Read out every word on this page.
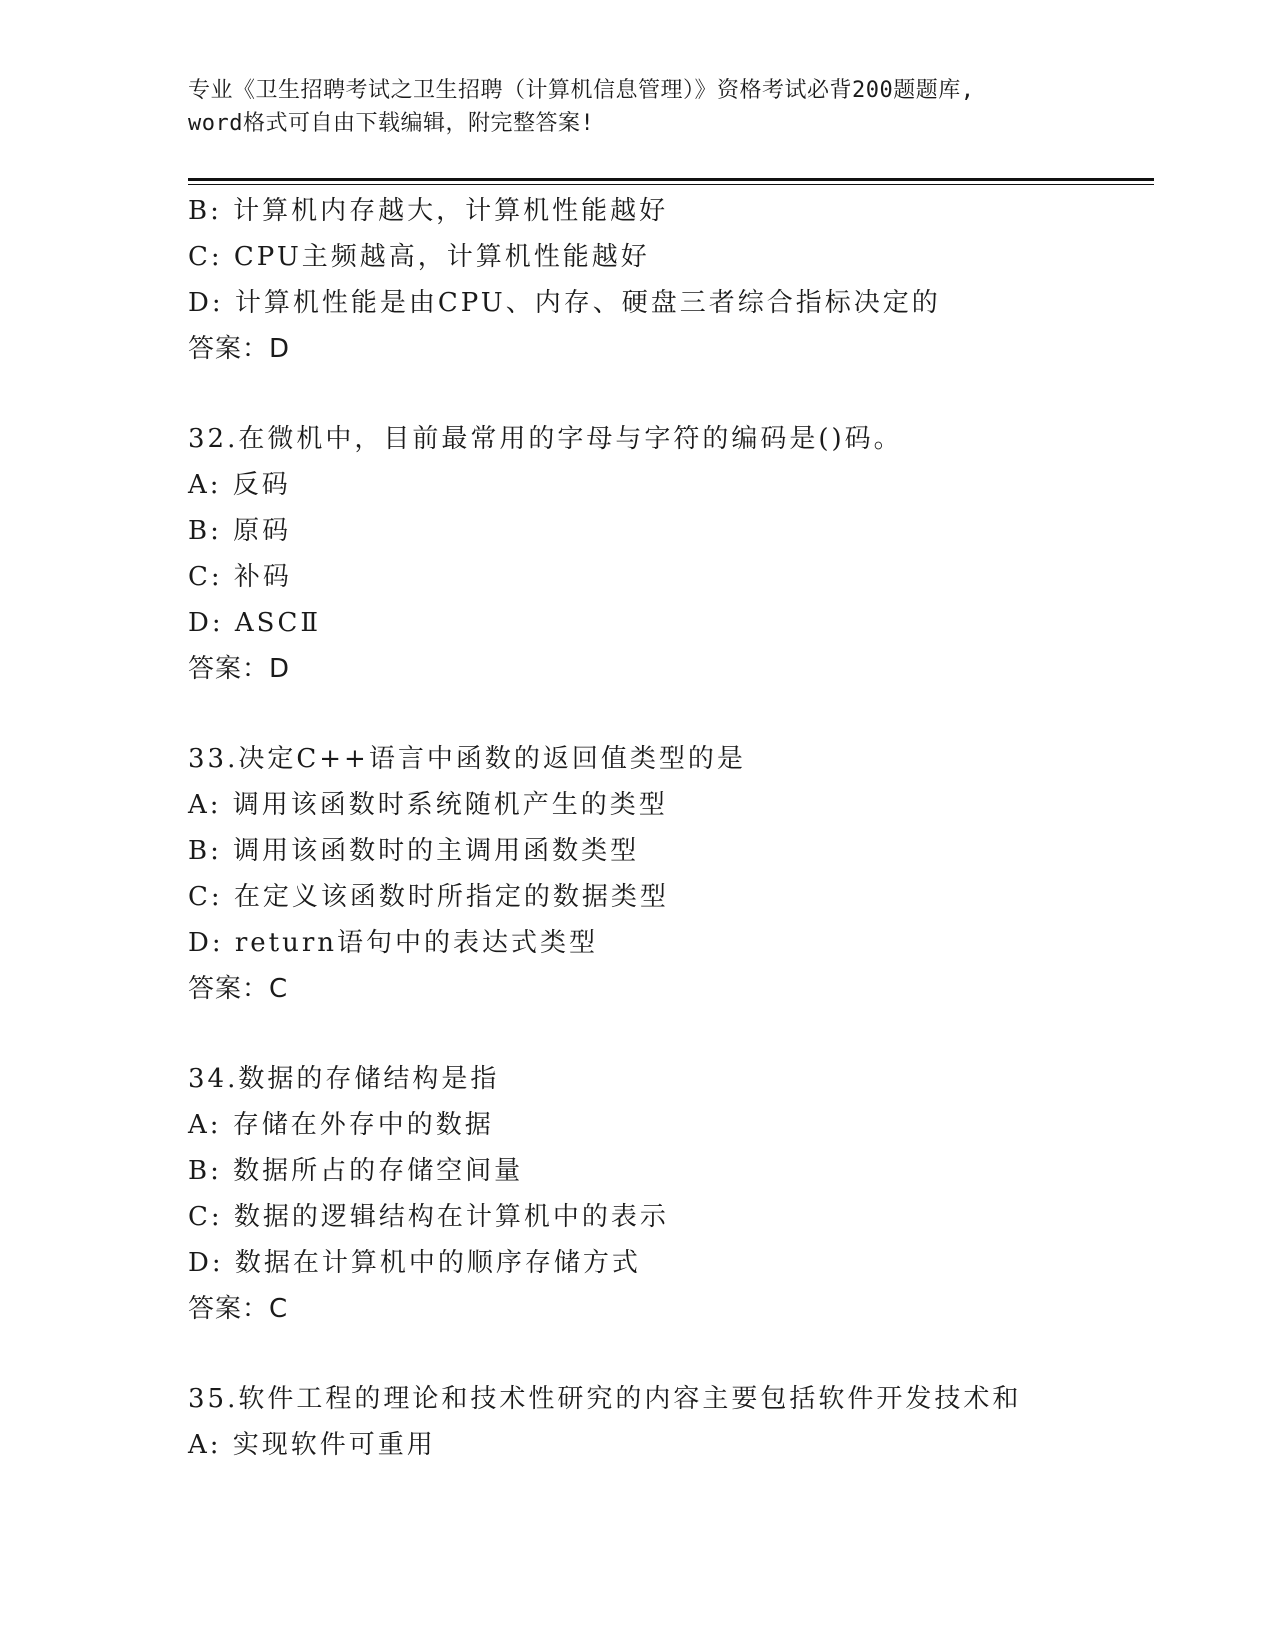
专业《卫生招聘考试之卫生招聘（计算机信息管理）》资格考试必背200题题库,
word格式可自由下载编辑，附完整答案!
B: 计算机内存越大，计算机性能越好
C: CPU主频越高，计算机性能越好
D: 计算机性能是由CPU、内存、硬盘三者综合指标决定的
答案：D
32.在微机中，目前最常用的字母与字符的编码是()码。
A: 反码
B: 原码
C: 补码
D: ASCⅡ
答案：D
33.决定C++语言中函数的返回值类型的是
A: 调用该函数时系统随机产生的类型
B: 调用该函数时的主调用函数类型
C: 在定义该函数时所指定的数据类型
D: return语句中的表达式类型
答案：C
34.数据的存储结构是指
A: 存储在外存中的数据
B: 数据所占的存储空间量
C: 数据的逻辑结构在计算机中的表示
D: 数据在计算机中的顺序存储方式
答案：C
35.软件工程的理论和技术性研究的内容主要包括软件开发技术和
A: 实现软件可重用
